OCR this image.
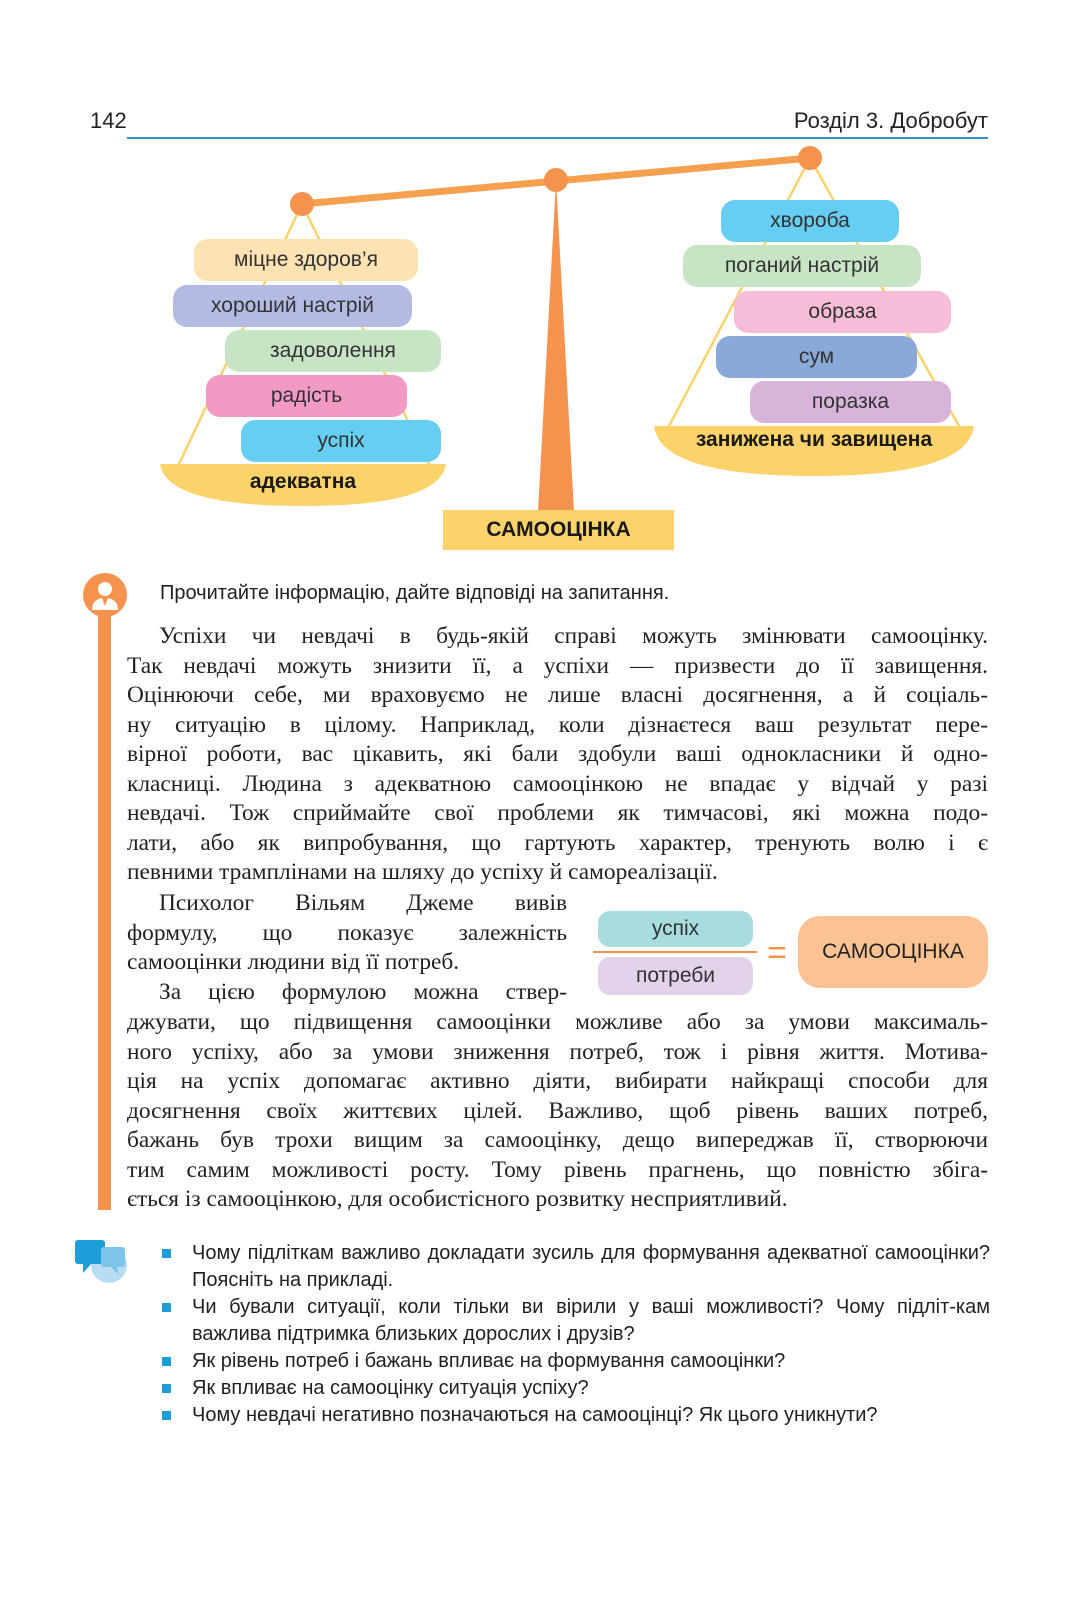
142	Розділ 3. Добробут
міцне здоров’я
хороший настрій
задоволення
радість
успіх
адекватна
хвороба
поганий настрій
образа
сум
поразка
занижена чи завищена
САМООЦІНКА
Прочитайте інформацію, дайте відповіді на запитання.
Успіхи чи невдачі в будь-якій справі можуть змінювати самооцінку.
Так невдачі можуть знизити її, а успіхи — призвести до її завищення.
Оцінюючи себе, ми враховуємо не лише власні досягнення, а й соціаль-
ну ситуацію в цілому. Наприклад, коли дізнаєтеся ваш результат пере-
вірної роботи, вас цікавить, які бали здобули ваші однокласники й одно-
класниці. Людина з адекватною самооцінкою не впадає у відчай у разі
невдачі. Тож сприймайте свої проблеми як тимчасові, які можна подо-
лати, або як випробування, що гартують характер, тренують волю і є
певними трамплінами на шляху до успіху й самореалізації.
Психолог Вільям Джеме вивів
формулу, що показує залежність
самооцінки людини від її потреб.
За цією формулою можна ствер-
успіх
потреби
=	САМООЦІНКА
джувати, що підвищення самооцінки можливе або за умови максималь-
ного успіху, або за умови зниження потреб, тож і рівня життя. Мотива-
ція на успіх допомагає активно діяти, вибирати найкращі способи для
досягнення своїх життєвих цілей. Важливо, щоб рівень ваших потреб,
бажань був трохи вищим за самооцінку, дещо випереджав її, створюючи
тим самим можливості росту. Тому рівень прагнень, що повністю збіга-
ється із самооцінкою, для особистісного розвитку несприятливий.
Чому підліткам важливо докладати зусиль для формування адекватної самооцінки? Поясніть на прикладі.
Чи бували ситуації, коли тільки ви вірили у ваші можливості? Чому підліт-кам важлива підтримка близьких дорослих і друзів?
Як рівень потреб і бажань впливає на формування самооцінки?
Як впливає на самооцінку ситуація успіху?
Чому невдачі негативно позначаються на самооцінці? Як цього уникнути?
